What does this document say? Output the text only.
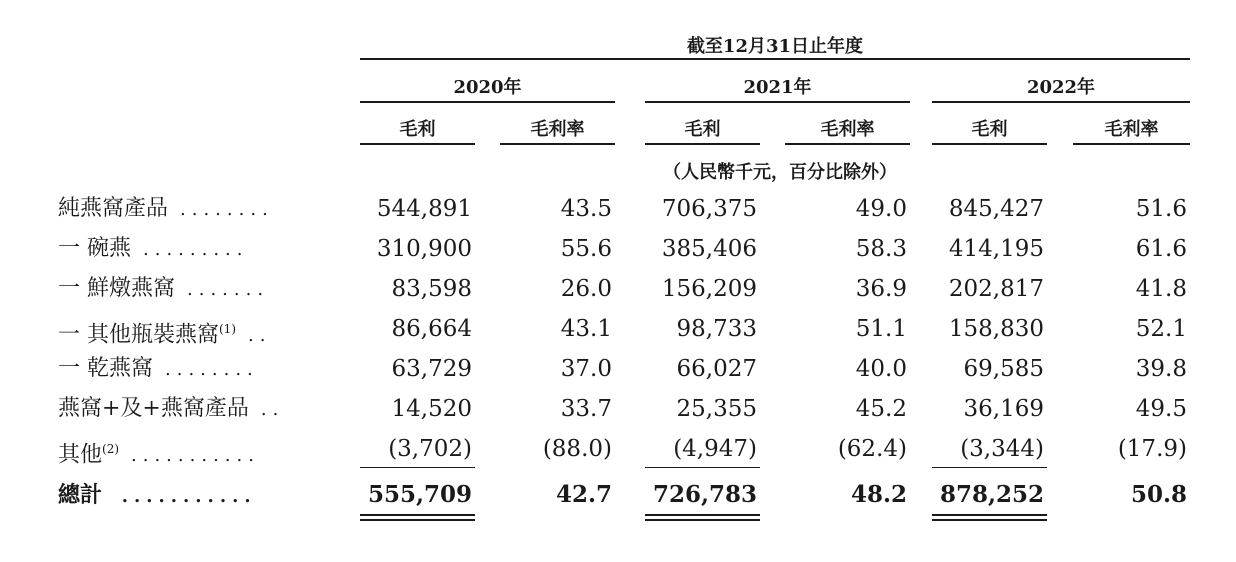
截至12月31日止年度
2020年	2021年	2022年
毛利	毛利率	毛利	毛利率	毛利	毛利率
（人民幣千元，百分比除外）
純燕窩產品 ........	544,891	43.5	706,375	49.0	845,427	51.6
一 碗燕 .........	310,900	55.6	385,406	58.3	414,195	61.6
一 鮮燉燕窩 .......	83,598	26.0	156,209	36.9	202,817	41.8
一 其他瓶裝燕窩$^{(1)}$ ..	86,664	43.1	98,733	51.1	158,830	52.1
一 乾燕窩 ........	63,729	37.0	66,027	40.0	69,585	39.8
燕窩+及+燕窩產品 ..	14,520	33.7	25,355	45.2	36,169	49.5
其他$^{(2)}$ ...........	(3,702)	(88.0)	(4,947)	(62.4)	(3,344)	(17.9)
總計 ...........	555,709	42.7	726,783	48.2	878,252	50.8
